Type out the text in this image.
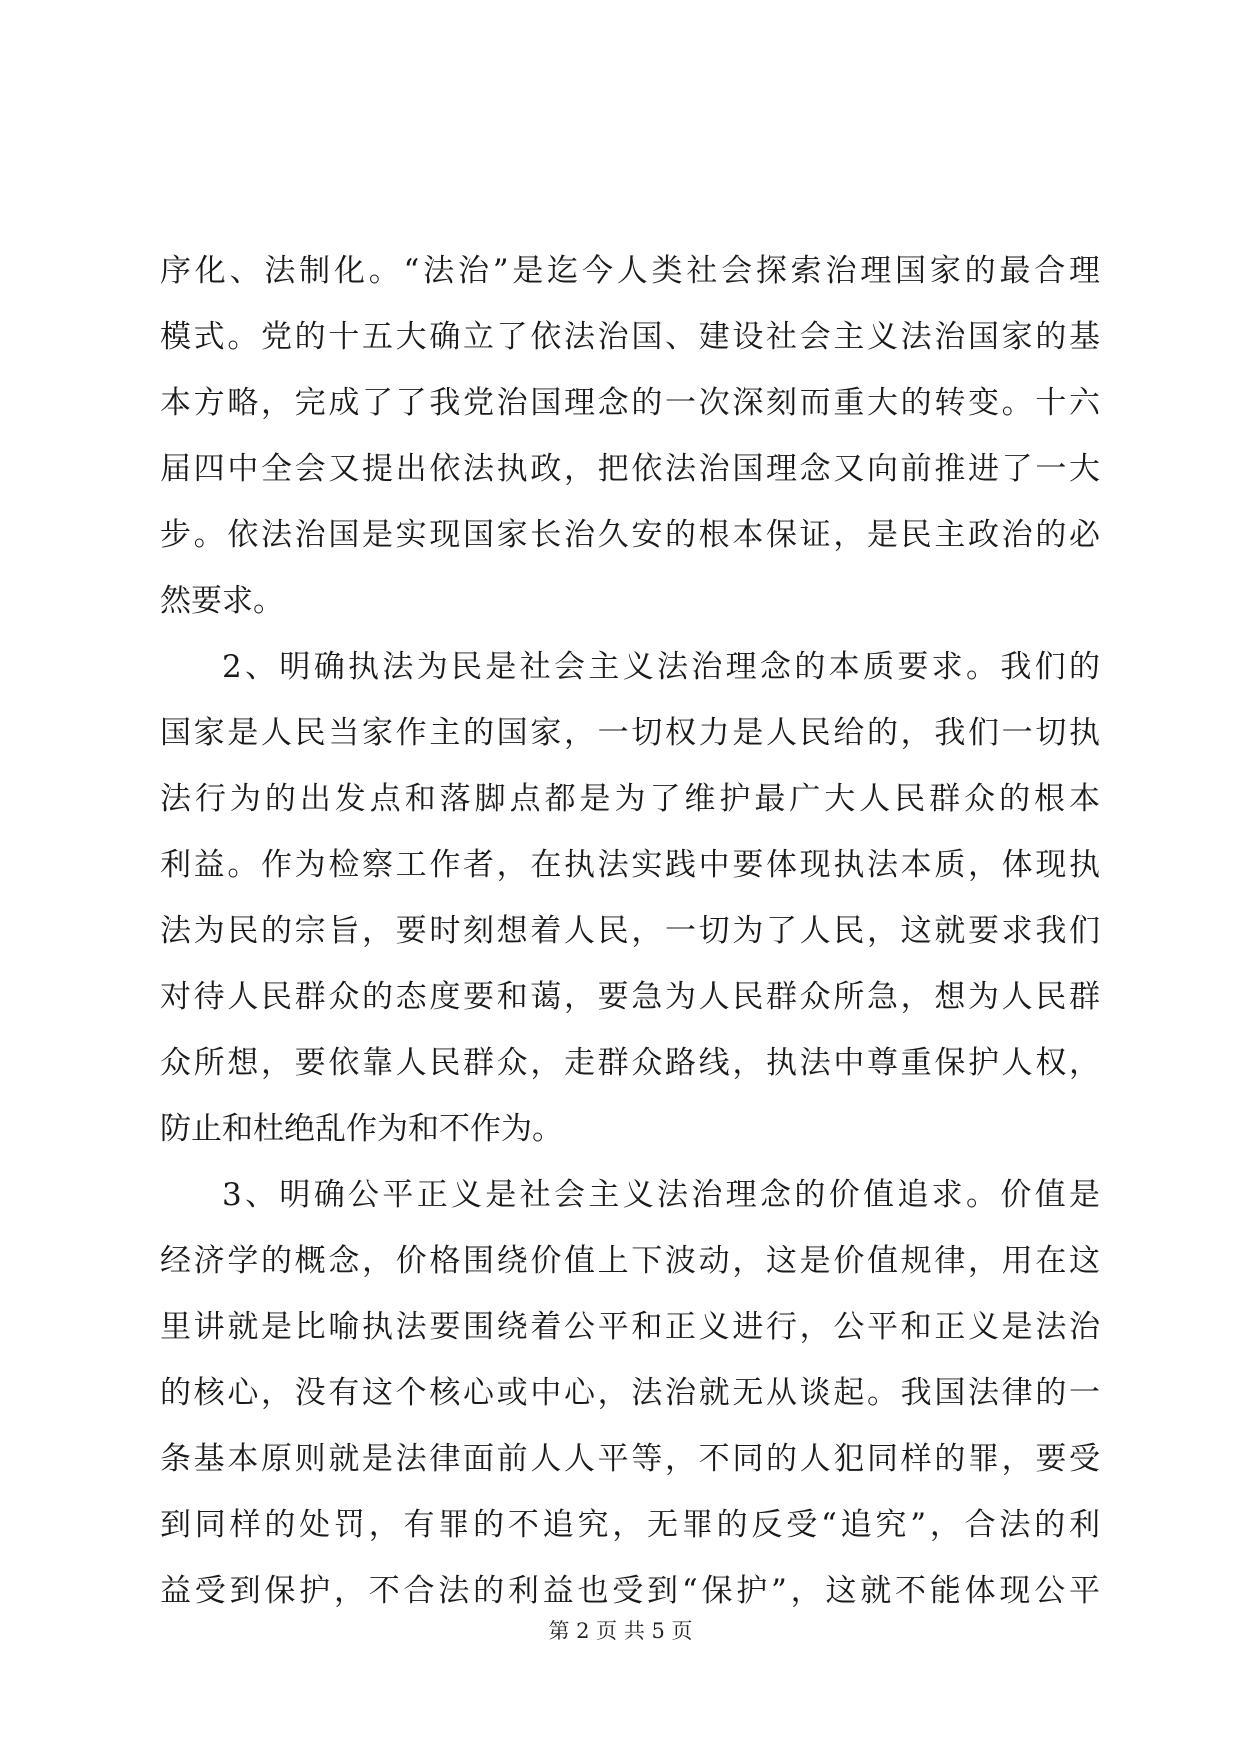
序化、法制化。“法治”是迄今人类社会探索治理国家的最合理
模式。党的十五大确立了依法治国、建设社会主义法治国家的基
本方略，完成了了我党治国理念的一次深刻而重大的转变。十六
届四中全会又提出依法执政，把依法治国理念又向前推进了一大
步。依法治国是实现国家长治久安的根本保证，是民主政治的必
然要求。
2、明确执法为民是社会主义法治理念的本质要求。我们的
国家是人民当家作主的国家，一切权力是人民给的，我们一切执
法行为的出发点和落脚点都是为了维护最广大人民群众的根本
利益。作为检察工作者，在执法实践中要体现执法本质，体现执
法为民的宗旨，要时刻想着人民，一切为了人民，这就要求我们
对待人民群众的态度要和蔼，要急为人民群众所急，想为人民群
众所想，要依靠人民群众，走群众路线，执法中尊重保护人权，
防止和杜绝乱作为和不作为。
3、明确公平正义是社会主义法治理念的价值追求。价值是
经济学的概念，价格围绕价值上下波动，这是价值规律，用在这
里讲就是比喻执法要围绕着公平和正义进行，公平和正义是法治
的核心，没有这个核心或中心，法治就无从谈起。我国法律的一
条基本原则就是法律面前人人平等，不同的人犯同样的罪，要受
到同样的处罚，有罪的不追究，无罪的反受“追究”，合法的利
益受到保护，不合法的利益也受到“保护”，这就不能体现公平
第 2 页 共 5 页
